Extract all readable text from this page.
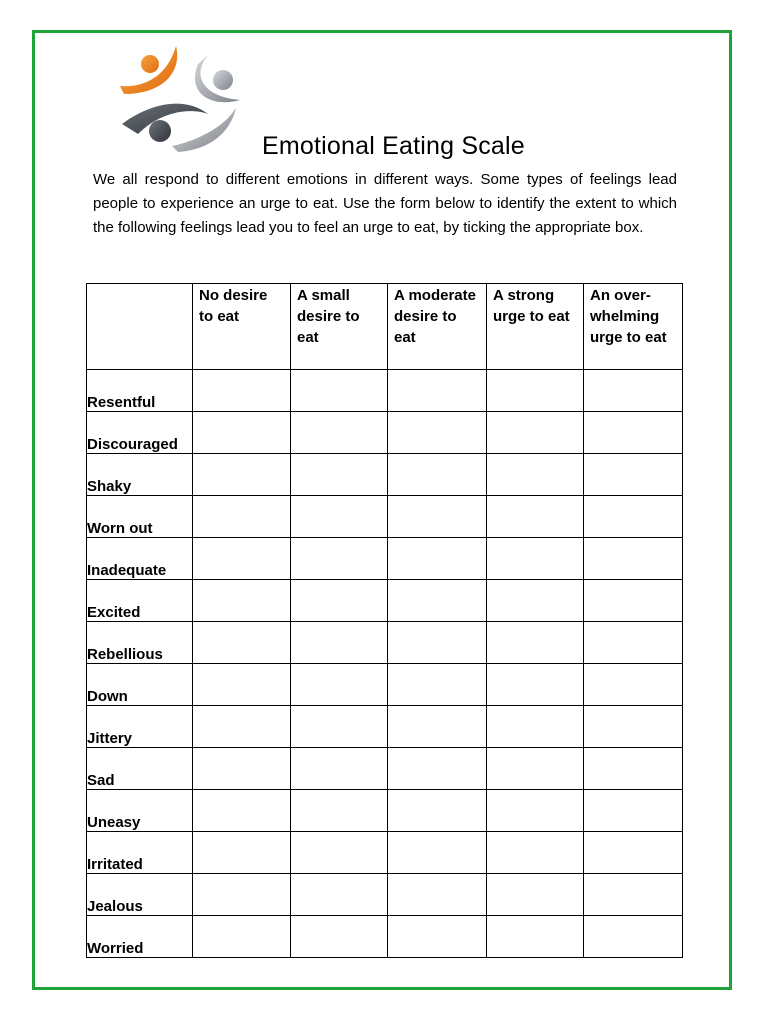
Emotional Eating Scale

We all respond to different emotions in different ways. Some types of feelings lead people to experience an urge to eat. Use the form below to identify the extent to which the following feelings lead you to feel an urge to eat, by ticking the appropriate box.

	No desire to eat	A small desire to eat	A moderate desire to eat	A strong urge to eat	An over-whelming urge to eat
Resentful					
Discouraged					
Shaky					
Worn out					
Inadequate					
Excited					
Rebellious					
Down					
Jittery					
Sad					
Uneasy					
Irritated					
Jealous					
Worried					
